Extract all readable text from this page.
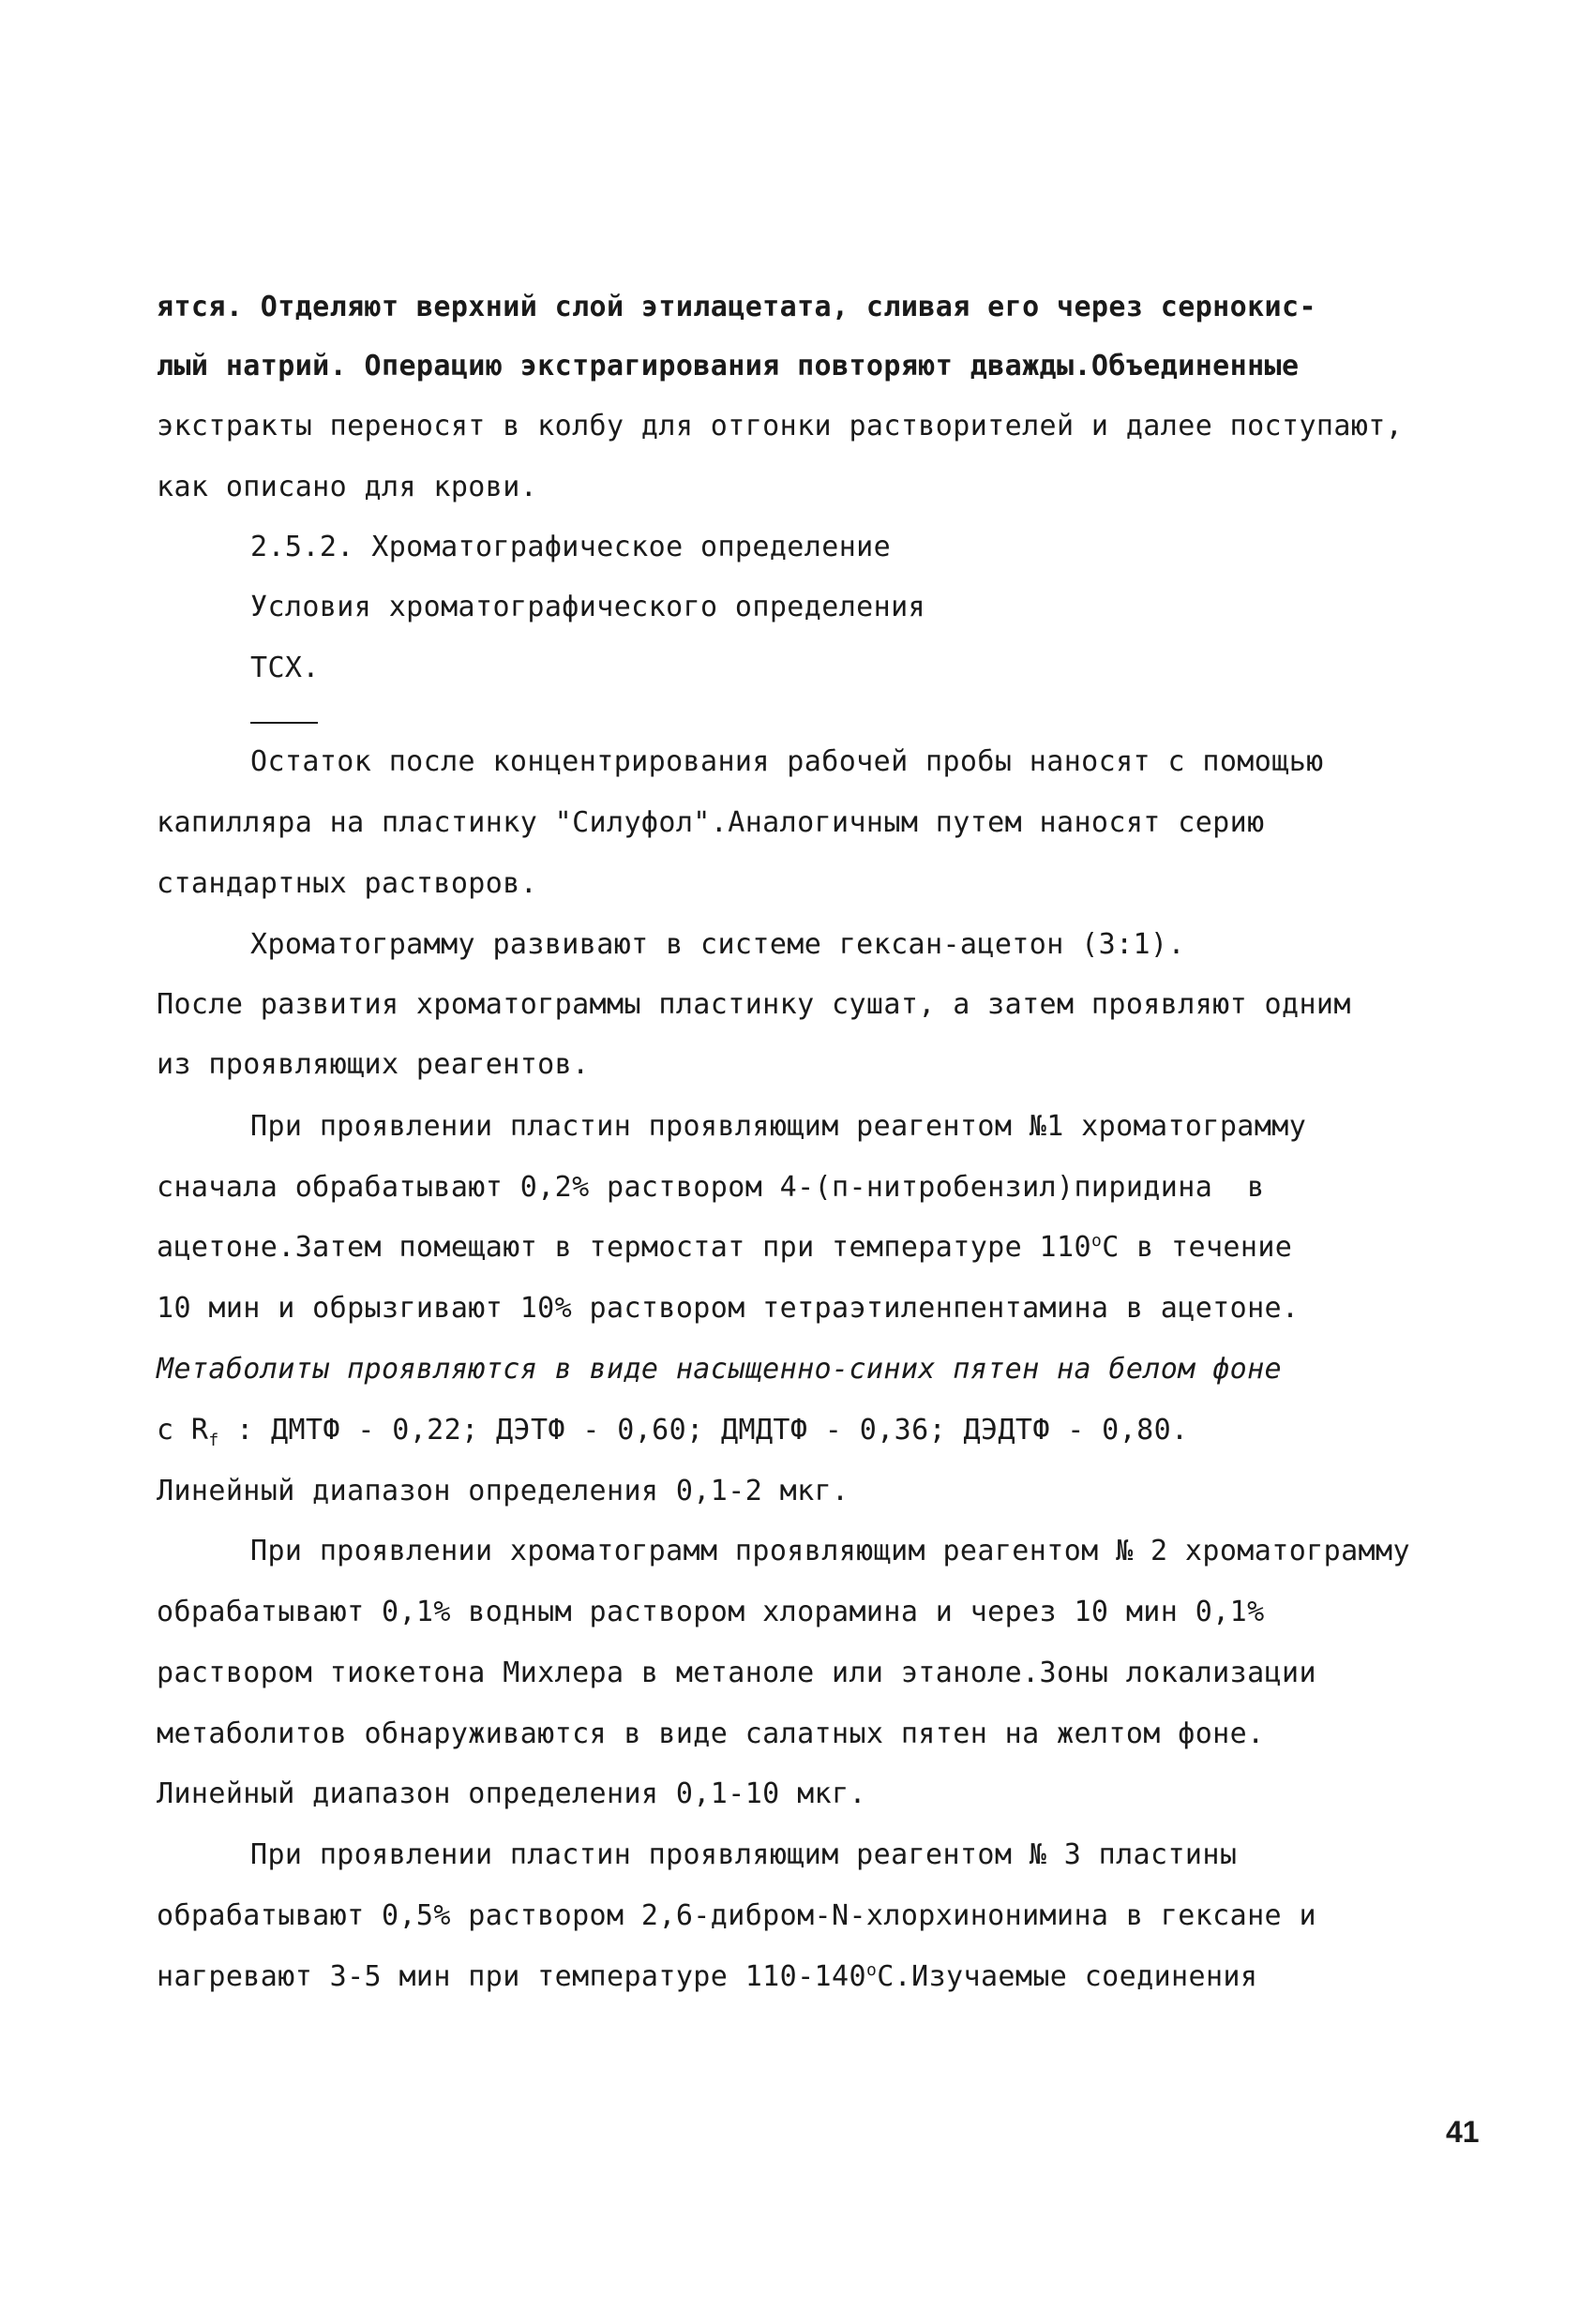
ятся. Отделяют верхний слой этилацетата, сливая его через сернокис-
лый натрий. Операцию экстрагирования повторяют дважды.Объединенные
экстракты переносят в колбу для отгонки растворителей и далее поступают,
как описано для крови.
2.5.2. Хроматографическое определение
Условия хроматографического определения
ТСХ.
Остаток после концентрирования рабочей пробы наносят с помощью
капилляра на пластинку "Силуфол".Аналогичным путем наносят серию
стандартных растворов.
Хроматограмму развивают в системе гексан-ацетон (3:1).
После развития хроматограммы пластинку сушат, а затем проявляют одним
из проявляющих реагентов.
При проявлении пластин проявляющим реагентом №1 хроматограмму
сначала обрабатывают 0,2% раствором 4-(п-нитробензил)пиридина  в
ацетоне.Затем помещают в термостат при температуре $110^оС$ в течение
10 мин и обрызгивают 10% раствором тетраэтиленпентамина в ацетоне.
Метаболиты проявляются в виде насыщенно-синих пятен на белом фоне
с $R_f$ : ДМТФ - 0,22; ДЭТФ - 0,60; ДМДТФ - 0,36; ДЭДТФ - 0,80.
Линейный диапазон определения 0,1-2 мкг.
При проявлении хроматограмм проявляющим реагентом № 2 хроматограмму
обрабатывают 0,1% водным раствором хлорамина и через 10 мин 0,1%
раствором тиокетона Михлера в метаноле или этаноле.Зоны локализации
метаболитов обнаруживаются в виде салатных пятен на желтом фоне.
Линейный диапазон определения 0,1-10 мкг.
При проявлении пластин проявляющим реагентом № 3 пластины
обрабатывают 0,5% раствором 2,6-дибром-N-хлорхинонимина в гексане и
нагревают 3-5 мин при температуре $110-140^оС.Изучаемые$ соединения
41
